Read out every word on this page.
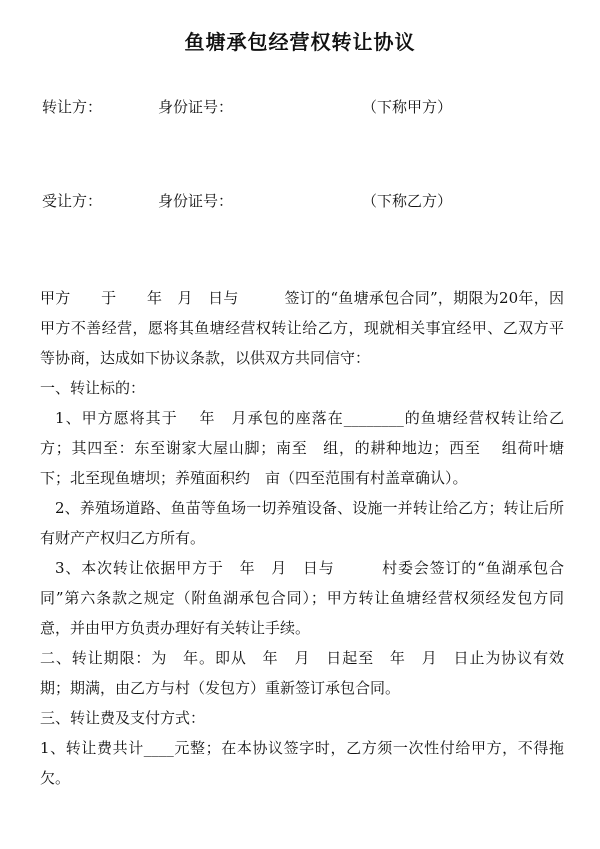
鱼塘承包经营权转让协议
转让方：	身份证号：	（下称甲方）
受让方：	身份证号：	（下称乙方）

甲方　　于　　年　月　日与　　　签订的“鱼塘承包合同”，期限为20年，因甲方不善经营，愿将其鱼塘经营权转让给乙方，现就相关事宜经甲、乙双方平等协商，达成如下协议条款，以供双方共同信守：

一、转让标的：

1、甲方愿将其于　 年　月承包的座落在________的鱼塘经营权转让给乙方；其四至：东至谢家大屋山脚；南至　组，的耕种地边；西至　 组荷叶塘下；北至现鱼塘坝；养殖面积约　亩（四至范围有村盖章确认）。

2、养殖场道路、鱼苗等鱼场一切养殖设备、设施一并转让给乙方；转让后所有财产产权归乙方所有。

3、本次转让依据甲方于　年　月　日与　　　村委会签订的“鱼湖承包合同”第六条款之规定（附鱼湖承包合同）；甲方转让鱼塘经营权须经发包方同意，并由甲方负责办理好有关转让手续。

二、转让期限：为　年。即从　年　月　日起至　年　月　日止为协议有效期；期满，由乙方与村（发包方）重新签订承包合同。

三、转让费及支付方式：

1、转让费共计____元整；在本协议签字时，乙方须一次性付给甲方，不得拖欠。
